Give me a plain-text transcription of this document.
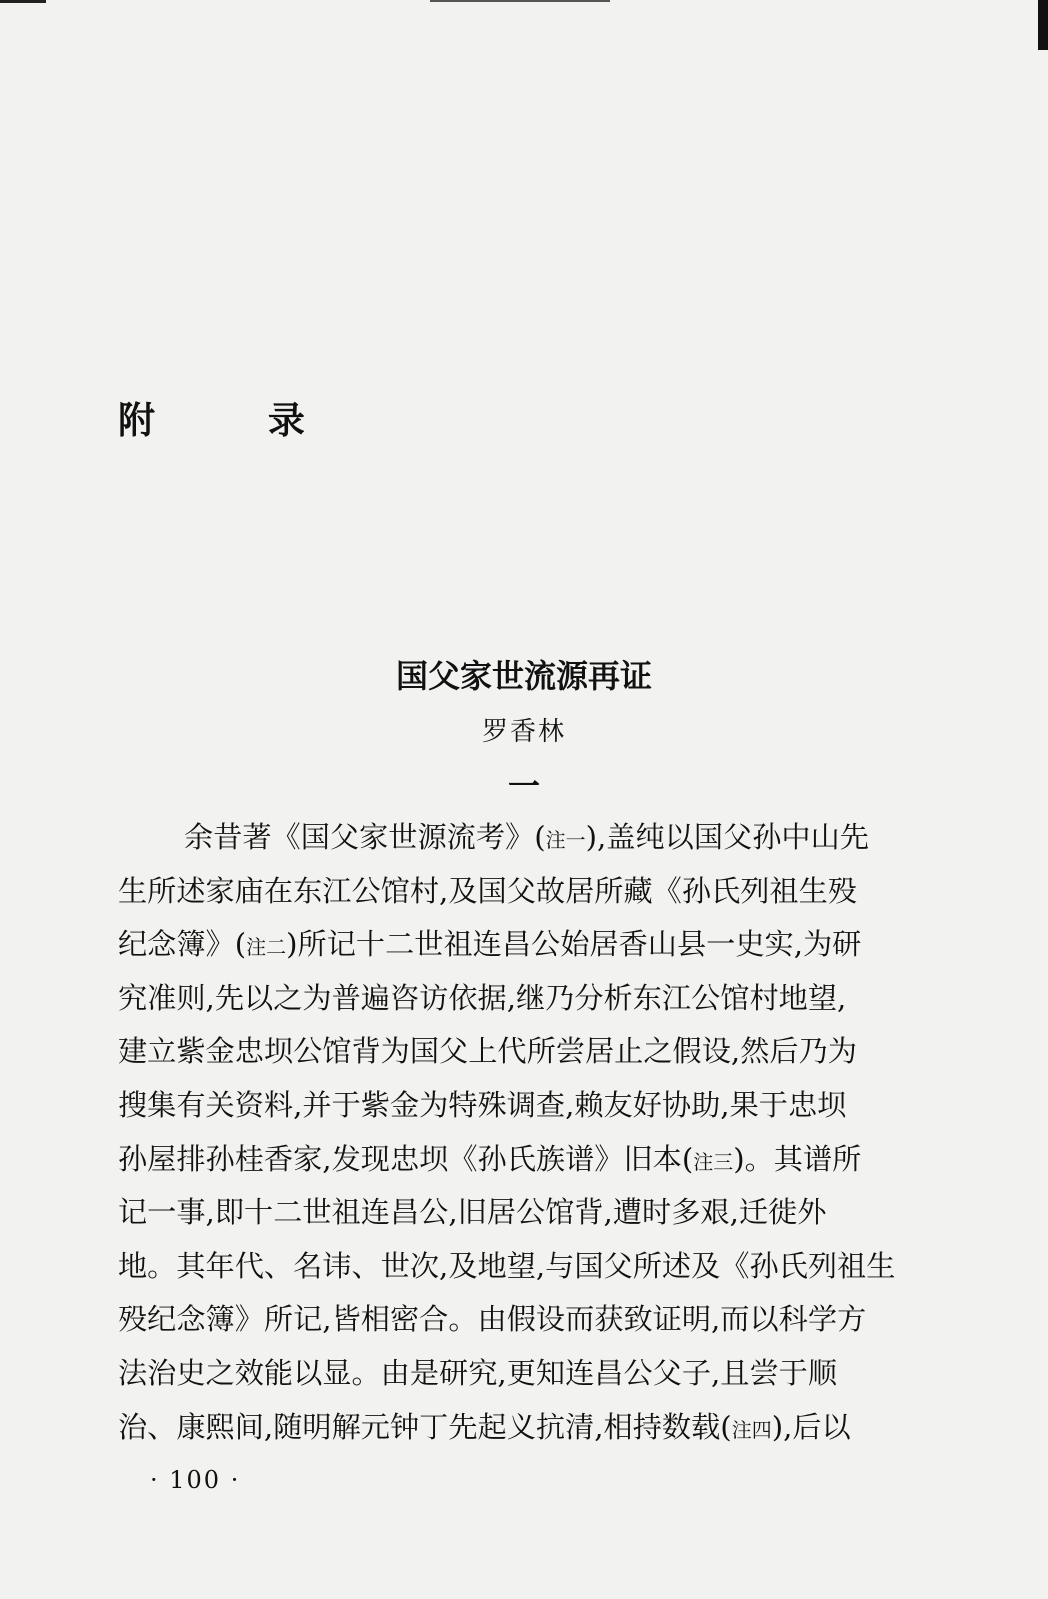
附 录
国父家世流源再证
罗香林
一
余昔著《国父家世源流考》(注一),盖纯以国父孙中山先
生所述家庙在东江公馆村,及国父故居所藏《孙氏列祖生殁
纪念簿》(注二)所记十二世祖连昌公始居香山县一史实,为研
究准则,先以之为普遍咨访依据,继乃分析东江公馆村地望,
建立紫金忠坝公馆背为国父上代所尝居止之假设,然后乃为
搜集有关资料,并于紫金为特殊调查,赖友好协助,果于忠坝
孙屋排孙桂香家,发现忠坝《孙氏族谱》旧本(注三)。其谱所
记一事,即十二世祖连昌公,旧居公馆背,遭时多艰,迁徙外
地。其年代、名讳、世次,及地望,与国父所述及《孙氏列祖生
殁纪念簿》所记,皆相密合。由假设而获致证明,而以科学方
法治史之效能以显。由是研究,更知连昌公父子,且尝于顺
治、康熙间,随明解元钟丁先起义抗清,相持数载(注四),后以
· 100 ·
